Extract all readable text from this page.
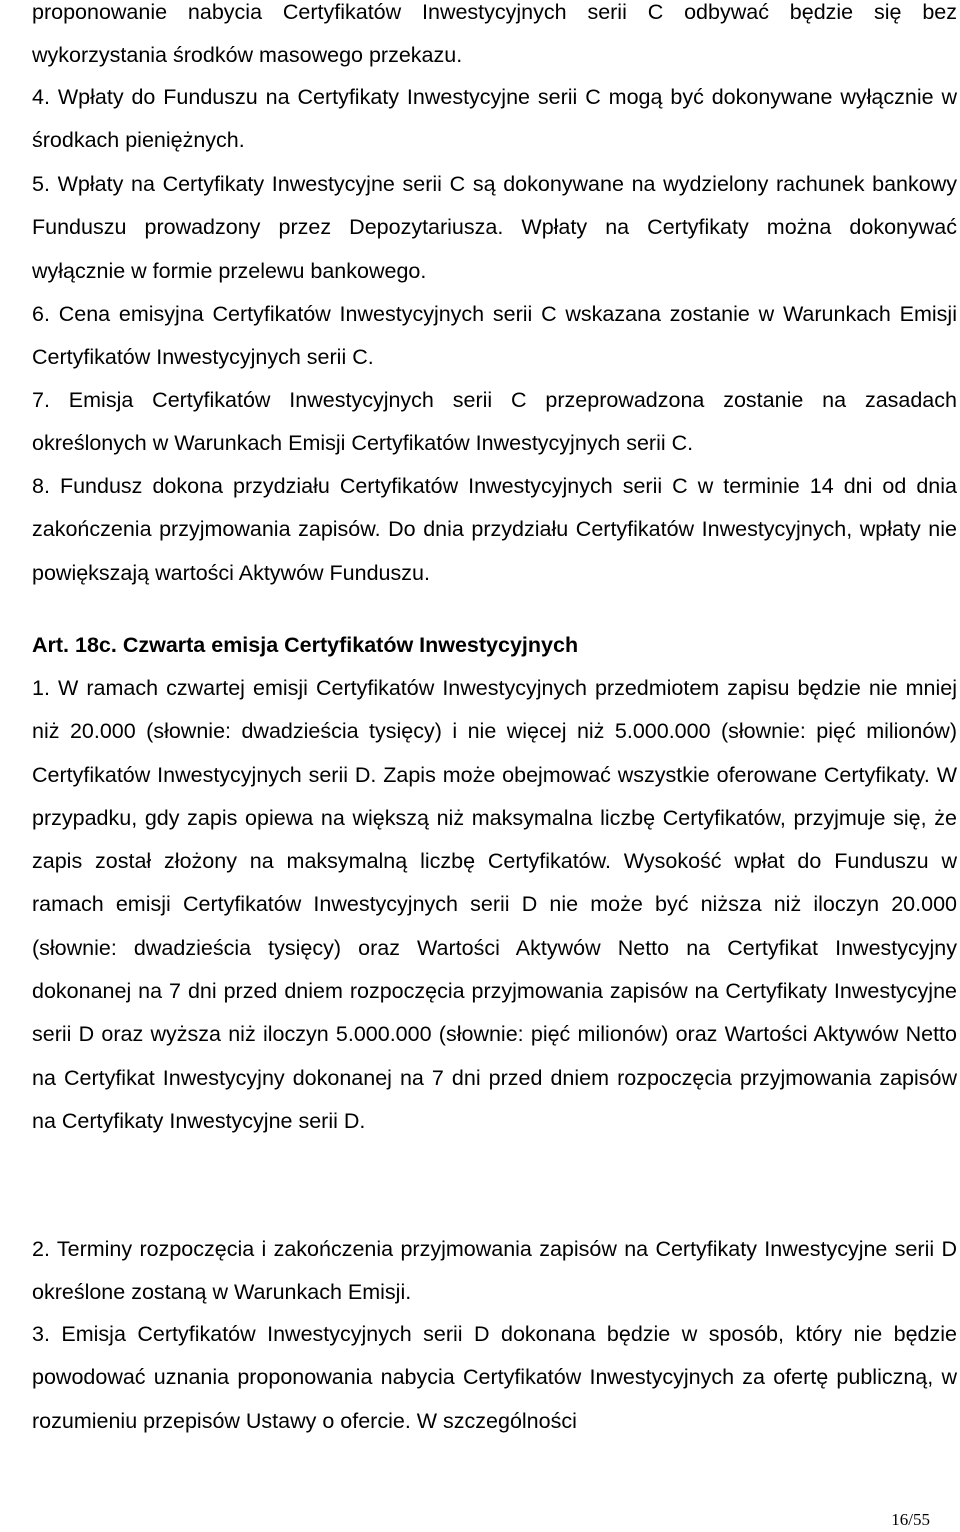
proponowanie nabycia Certyfikatów Inwestycyjnych serii C odbywać będzie się bez wykorzystania środków masowego przekazu.

4. Wpłaty do Funduszu na Certyfikaty Inwestycyjne serii C mogą być dokonywane wyłącznie w środkach pieniężnych.

5. Wpłaty na Certyfikaty Inwestycyjne serii C są dokonywane na wydzielony rachunek bankowy Funduszu prowadzony przez Depozytariusza. Wpłaty na Certyfikaty można dokonywać wyłącznie w formie przelewu bankowego.

6. Cena emisyjna Certyfikatów Inwestycyjnych serii C wskazana zostanie w Warunkach Emisji Certyfikatów Inwestycyjnych serii C.

7. Emisja Certyfikatów Inwestycyjnych serii C przeprowadzona zostanie na zasadach określonych w Warunkach Emisji Certyfikatów Inwestycyjnych serii C.

8. Fundusz dokona przydziału Certyfikatów Inwestycyjnych serii C w terminie 14 dni od dnia zakończenia przyjmowania zapisów. Do dnia przydziału Certyfikatów Inwestycyjnych, wpłaty nie powiększają wartości Aktywów Funduszu.

Art. 18c. Czwarta emisja Certyfikatów Inwestycyjnych

1. W ramach czwartej emisji Certyfikatów Inwestycyjnych przedmiotem zapisu będzie nie mniej niż 20.000 (słownie: dwadzieścia tysięcy) i nie więcej niż 5.000.000 (słownie: pięć milionów) Certyfikatów Inwestycyjnych serii D. Zapis może obejmować wszystkie oferowane Certyfikaty. W przypadku, gdy zapis opiewa na większą niż maksymalna liczbę Certyfikatów, przyjmuje się, że zapis został złożony na maksymalną liczbę Certyfikatów. Wysokość wpłat do Funduszu w ramach emisji Certyfikatów Inwestycyjnych serii D nie może być niższa niż iloczyn 20.000 (słownie: dwadzieścia tysięcy) oraz Wartości Aktywów Netto na Certyfikat Inwestycyjny dokonanej na 7 dni przed dniem rozpoczęcia przyjmowania zapisów na Certyfikaty Inwestycyjne serii D oraz wyższa niż iloczyn 5.000.000 (słownie: pięć milionów) oraz Wartości Aktywów Netto na Certyfikat Inwestycyjny dokonanej na 7 dni przed dniem rozpoczęcia przyjmowania zapisów na Certyfikaty Inwestycyjne serii D.

2. Terminy rozpoczęcia i zakończenia przyjmowania zapisów na Certyfikaty Inwestycyjne serii D określone zostaną w Warunkach Emisji.

3. Emisja Certyfikatów Inwestycyjnych serii D dokonana będzie w sposób, który nie będzie powodować uznania proponowania nabycia Certyfikatów Inwestycyjnych za ofertę publiczną, w rozumieniu przepisów Ustawy o ofercie. W szczególności

16/55
